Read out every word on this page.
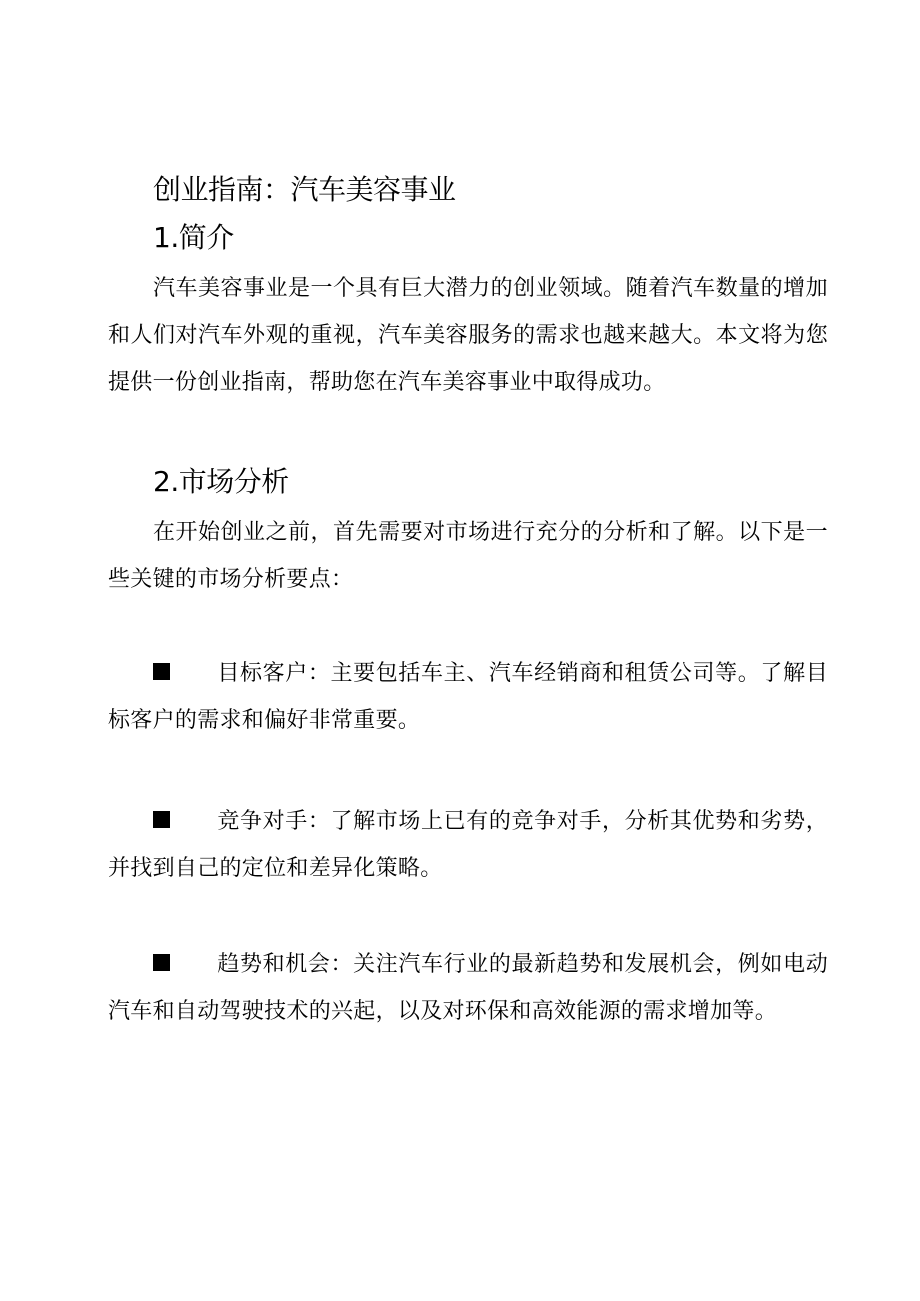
创业指南：汽车美容事业
1.简介
汽车美容事业是一个具有巨大潜力的创业领域。随着汽车数量的增加和人们对汽车外观的重视，汽车美容服务的需求也越来越大。本文将为您提供一份创业指南，帮助您在汽车美容事业中取得成功。
2.市场分析
在开始创业之前，首先需要对市场进行充分的分析和了解。以下是一些关键的市场分析要点：
目标客户：主要包括车主、汽车经销商和租赁公司等。了解目标客户的需求和偏好非常重要。
竞争对手：了解市场上已有的竞争对手，分析其优势和劣势，并找到自己的定位和差异化策略。
趋势和机会：关注汽车行业的最新趋势和发展机会，例如电动汽车和自动驾驶技术的兴起，以及对环保和高效能源的需求增加等。
